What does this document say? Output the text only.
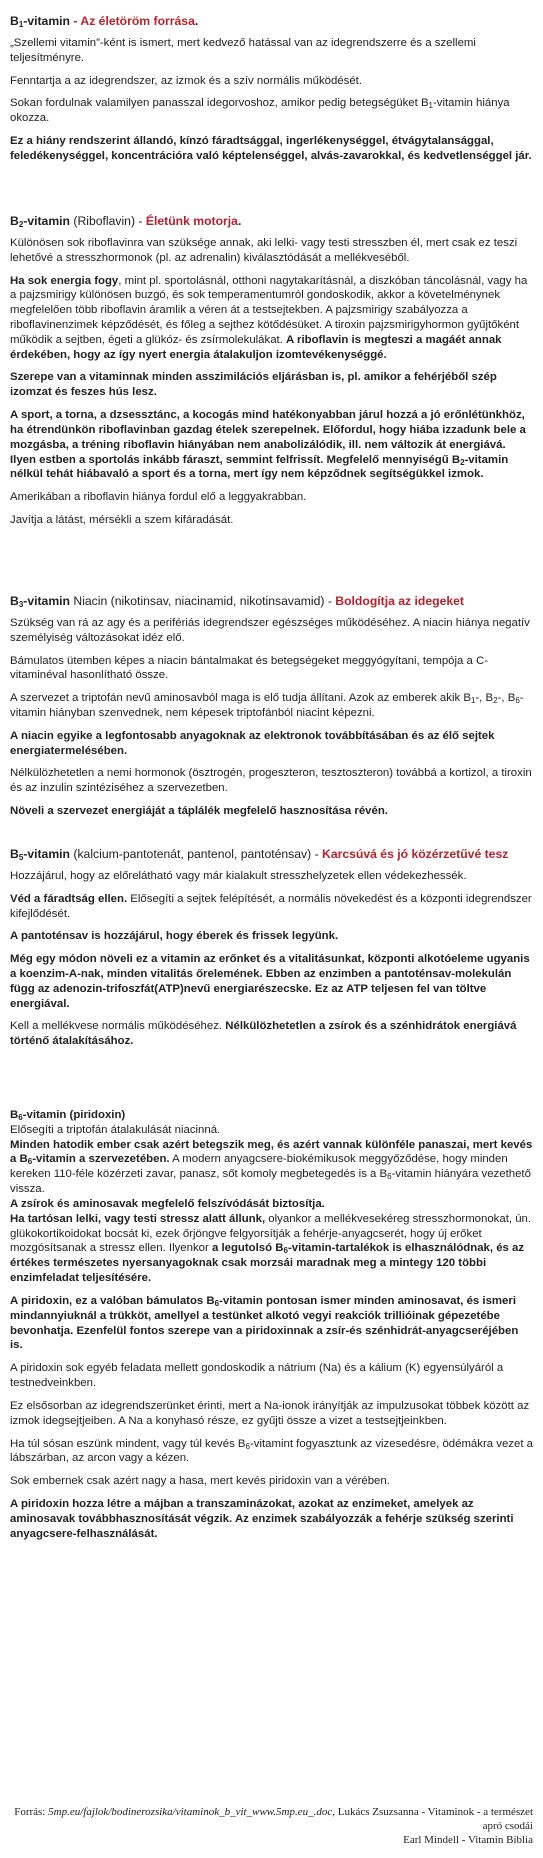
$B_1$-vitamin - Az életöröm forrása.

„Szellemi vitamin”-ként is ismert, mert kedvező hatással van az idegrendszerre és a szellemi teljesítményre.

Fenntartja a az idegrendszer, az izmok és a szív normális működését.

Sokan fordulnak valamilyen panasszal idegorvoshoz, amikor pedig betegségüket $B_1$-vitamin hiánya okozza.

Ez a hiány rendszerint állandó, kínzó fáradtsággal, ingerlékenységgel, étvágytalansággal, feledékenységgel, koncentrációra való képtelenséggel, alvás-zavarokkal, és kedvetlenséggel jár.

$B_2$-vitamin (Riboflavin) - Életünk motorja.

Különösen sok riboflavinra van szüksége annak, aki lelki- vagy testi stresszben él, mert csak ez teszi lehetővé a stresszhormonok (pl. az adrenalin) kiválasztódását a mellékveséből.

Ha sok energia fogy, mint pl. sportolásnál, otthoni nagytakarításnál, a diszkóban táncolásnál, vagy ha a pajzsmirigy különösen buzgó, és sok temperamentumról gondoskodik, akkor a követelménynek megfelelően több riboflavin áramlik a véren át a testsejtekben. A pajzsmirigy szabályozza a riboflavinenzimek képződését, és főleg a sejthez kötődésüket. A tiroxin pajzsmirigyhormon gyűjtőként működik a sejtben, égeti a glükóz- és zsírmolekulákat. A riboflavin is megteszi a magáét annak érdekében, hogy az így nyert energia átalakuljon izomtevékenységgé.

Szerepe van a vitaminnak minden asszimilációs eljárásban is, pl. amikor a fehérjéből szép izomzat és feszes hús lesz.

A sport, a torna, a dzsessztánc, a kocogás mind hatékonyabban járul hozzá a jó erőnlétünkhöz, ha étrendünkön riboflavinban gazdag ételek szerepelnek. Előfordul, hogy hiába izzadunk bele a mozgásba, a tréning riboflavin hiányában nem anabolizálódik, ill. nem változik át energiává. Ilyen estben a sportolás inkább fáraszt, semmint felfrissít. Megfelelő mennyiségű $B_2$-vitamin nélkül tehát hiábavaló a sport és a torna, mert így nem képződnek segítségükkel izmok.

Amerikában a riboflavin hiánya fordul elő a leggyakrabban.

Javítja a látást, mérsékli a szem kifáradását.

$B_3$-vitamin Niacin (nikotinsav, niacinamid, nikotinsavamid) - Boldogítja az idegeket

Szükség van rá az agy és a perifériás idegrendszer egészséges működéséhez. A niacin hiánya negatív személyiség változásokat idéz elő.

Bámulatos ütemben képes a niacin bántalmakat és betegségeket meggyógyítani, tempója a C-vitaminéval hasonlítható össze.

A szervezet a triptofán nevű aminosavból maga is elő tudja állítani. Azok az emberek akik $B_1-$, $B_2-$, $B_6$-vitamin hiányban szenvednek, nem képesek triptofánból niacint képezni.

A niacin egyike a legfontosabb anyagoknak az elektronok továbbításában és az élő sejtek energiatermelésében.

Nélkülözhetetlen a nemi hormonok (ösztrogén, progeszteron, tesztoszteron) továbbá a kortizol, a tiroxin és az inzulin szintéziséhez a szervezetben.

Növeli a szervezet energiáját a táplálék megfelelő hasznosítása révén.

$B_5$-vitamin (kalcium-pantotenát, pantenol, pantoténsav) - Karcsúvá és jó közérzetűvé tesz

Hozzájárul, hogy az előrelátható vagy már kialakult stresszhelyzetek ellen védekezhessék.

Véd a fáradtság ellen. Elősegíti a sejtek felépítését, a normális növekedést és a központi idegrendszer kifejlődését.

A pantoténsav is hozzájárul, hogy éberek és frissek legyünk.

Még egy módon növeli ez a vitamin az erőnket és a vitalitásunkat, központi alkotóeleme ugyanis a koenzim-A-nak, minden vitalitás őrelemének. Ebben az enzimben a pantoténsav-molekulán függ az adenozin-trifoszfát(ATP)nevű energiarészecske. Ez az ATP teljesen fel van töltve energiával.

Kell a mellékvese normális működéséhez. Nélkülözhetetlen a zsírok és a szénhidrátok energiává történő átalakításához.

$B_6$-vitamin (piridoxin)

Elősegíti a triptofán átalakulását niacinná.

Minden hatodik ember csak azért betegszik meg, és azért vannak különféle panaszai, mert kevés a $B_6$-vitamin a szervezetében. A modern anyagcsere-biokémikusok meggyőződése, hogy minden kereken 110-féle közérzeti zavar, panasz, sőt komoly megbetegedés is a $B_6$-vitamin hiányára vezethető vissza.

A zsírok és aminosavak megfelelő felszívódását biztosítja.

Ha tartósan lelki, vagy testi stressz alatt állunk, olyankor a mellékvesekéreg stresszhormonokat, ún. glükokortikoidokat bocsát ki, ezek őrjöngve felgyorsítják a fehérje-anyagcserét, hogy új erőket mozgósítsanak a stressz ellen. Ilyenkor a legutolsó $B_6-vitamin$-tartalékok is elhasználódnak, és az értékes természetes nyersanyagoknak csak morzsái maradnak meg a mintegy 120 többi enzimfeladat teljesítésére.

A piridoxin, ez a valóban bámulatos $B_6$-vitamin pontosan ismer minden aminosavat, és ismeri mindannyiuknál a trükköt, amellyel a testünket alkotó vegyi reakciók trillióinak gépezetébe bevonhatja. Ezenfelül fontos szerepe van a piridoxinnak a zsír-és szénhidrát-anyagcseréjében is.

A piridoxin sok egyéb feladata mellett gondoskodik a nátrium (Na) és a kálium (K) egyensúlyáról a testnedveinkben.

Ez elsősorban az idegrendszerünket érinti, mert a Na-ionok irányítják az impulzusokat többek között az izmok idegsejtjeiben. A Na a konyhasó része, ez gyűjti össze a vizet a testsejtjeinkben.

Ha túl sósan eszünk mindent, vagy túl kevés $B_6$-vitamint fogyasztunk az vizesedésre, ödémákra vezet a lábszárban, az arcon vagy a kézen.

Sok embernek csak azért nagy a hasa, mert kevés piridoxin van a vérében.

A piridoxin hozza létre a májban a transzaminázokat, azokat az enzimeket, amelyek az aminosavak továbbhasznosítását végzik. Az enzimek szabályozzák a fehérje szükség szerinti anyagcsere-felhasználását.

Forrás: 5mp.eu/fajlok/bodinerozsika/vitaminok_b_vit_www.5mp.eu_.doc, Lukács Zsuzsanna - Vitaminok - a természet apró csodái
Earl Mindell - Vitamin Biblia
